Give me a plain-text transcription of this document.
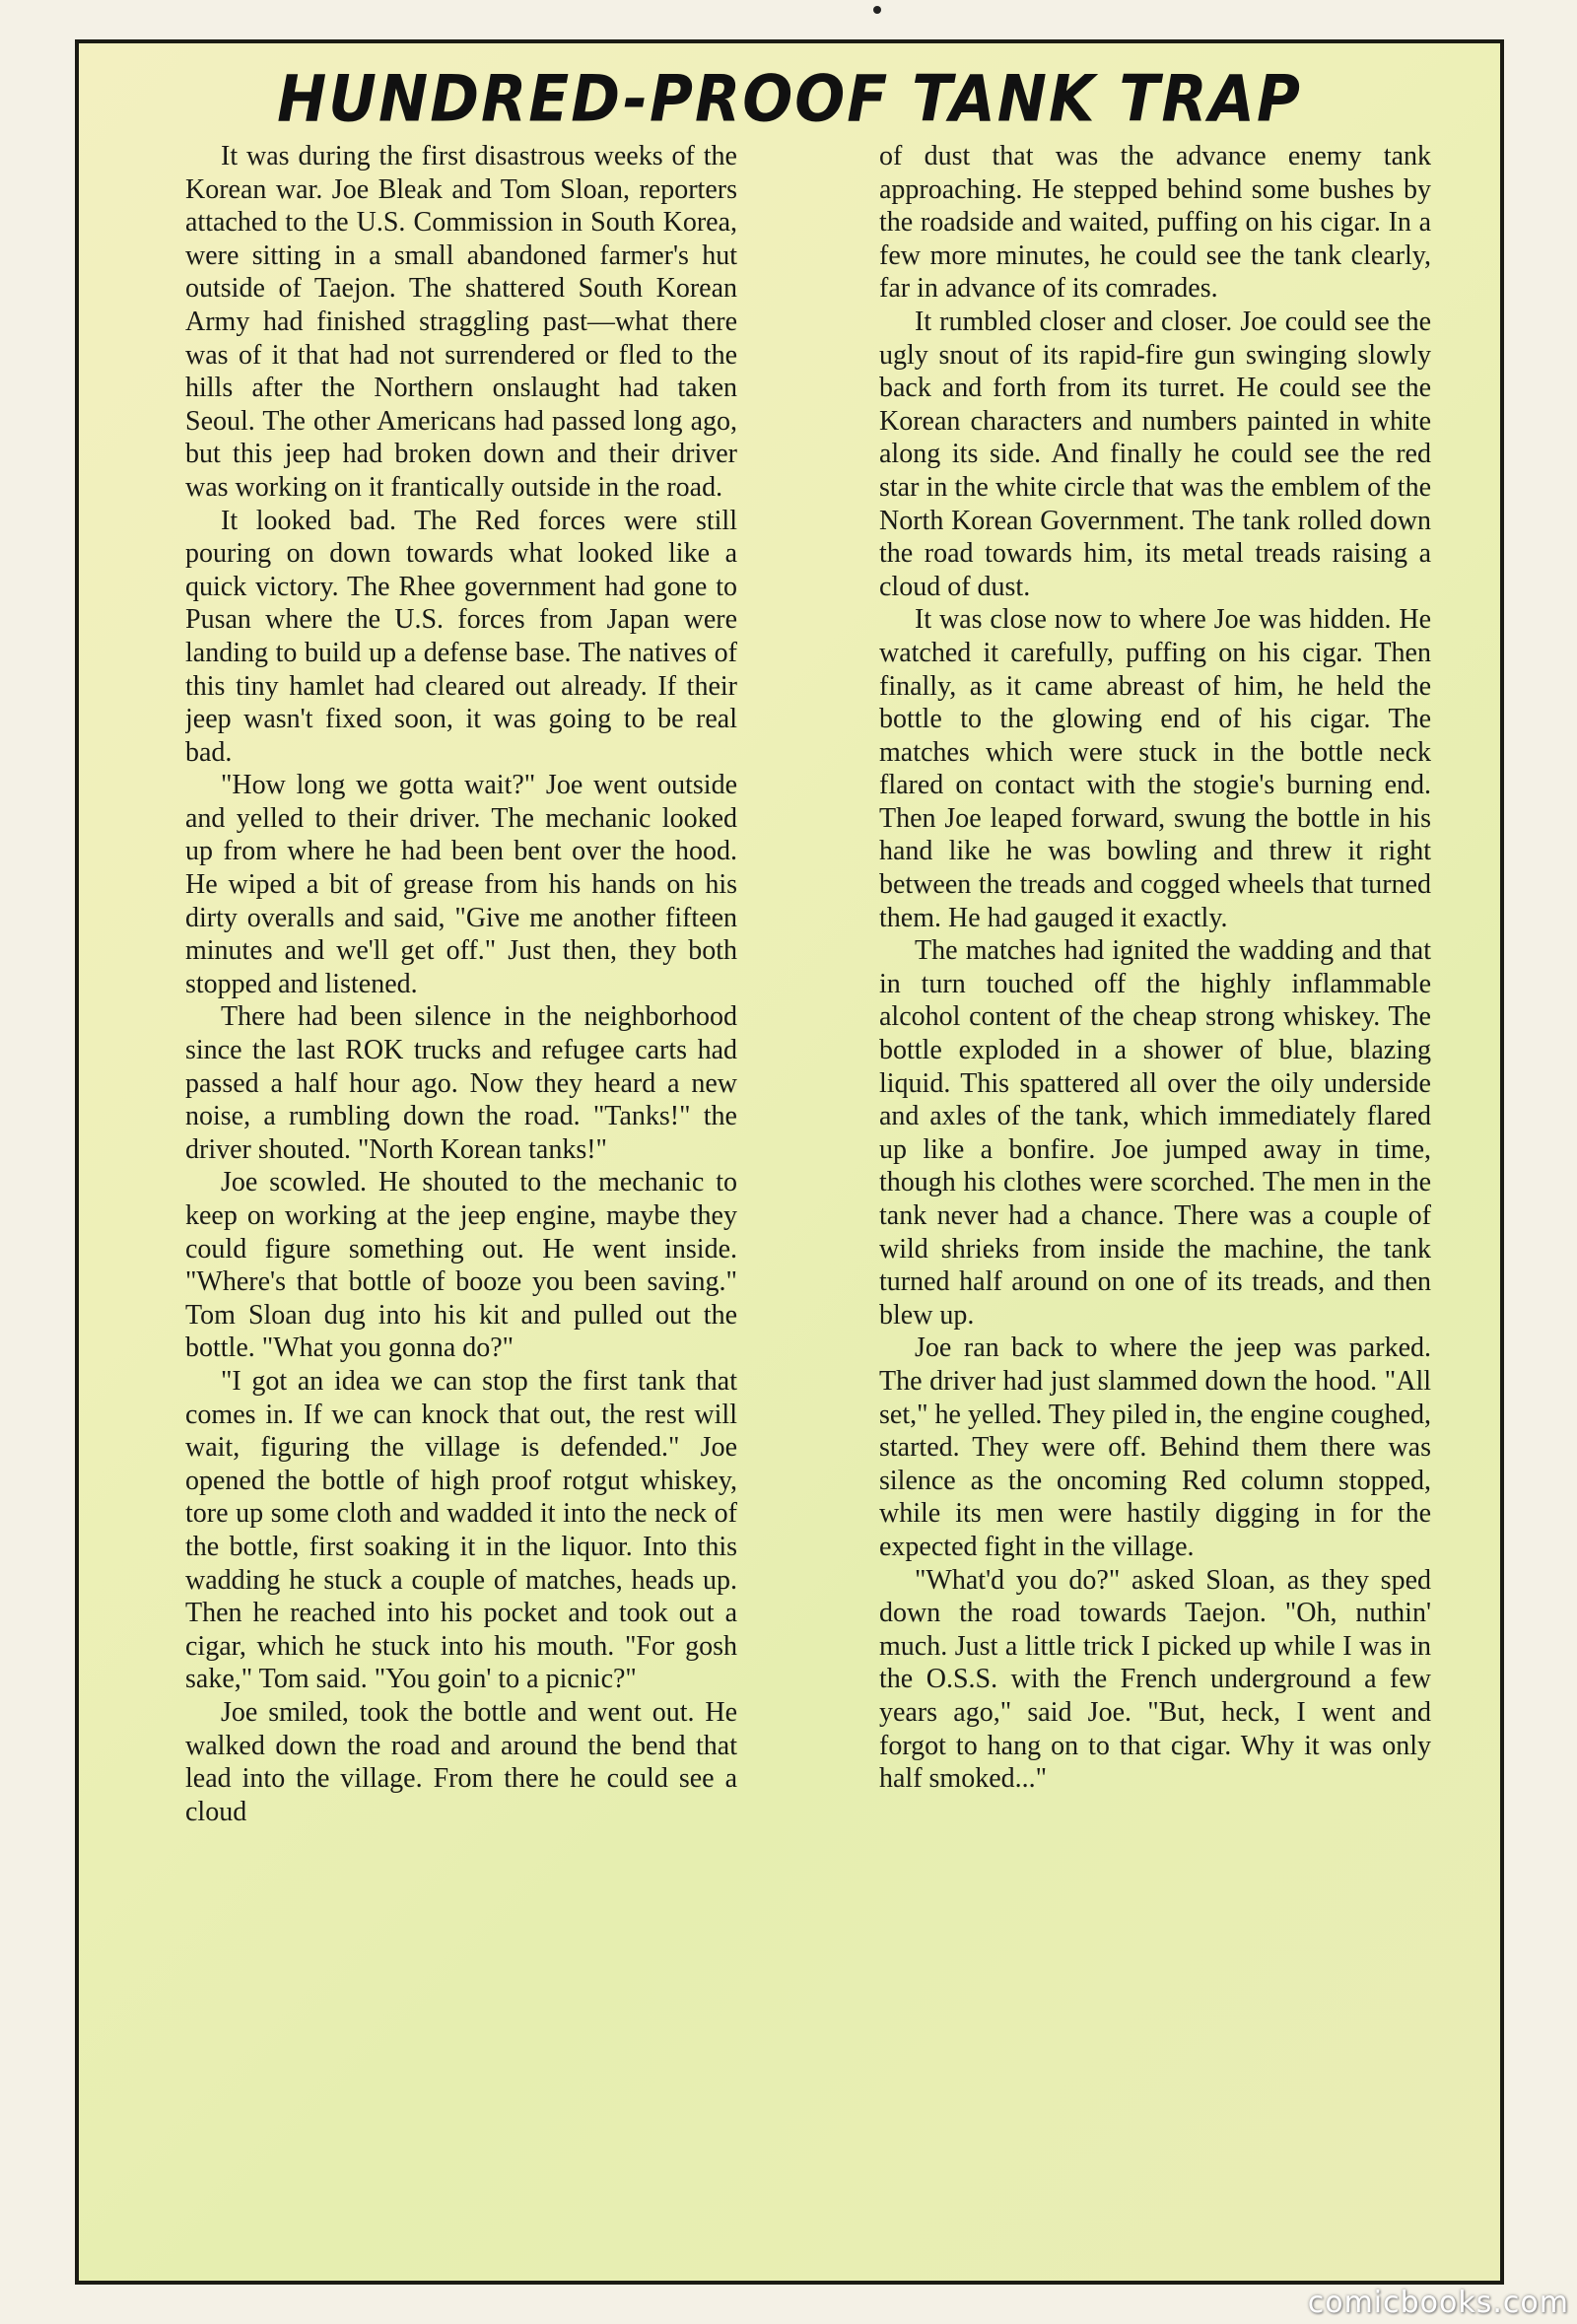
HUNDRED-PROOF TANK TRAP

It was during the first disastrous weeks of the Korean war. Joe Bleak and Tom Sloan, reporters attached to the U.S. Commission in South Korea, were sitting in a small abandoned farmer's hut outside of Taejon. The shattered South Korean Army had finished straggling past—what there was of it that had not surrendered or fled to the hills after the Northern onslaught had taken Seoul. The other Americans had passed long ago, but this jeep had broken down and their driver was working on it frantically outside in the road.

It looked bad. The Red forces were still pouring on down towards what looked like a quick victory. The Rhee government had gone to Pusan where the U.S. forces from Japan were landing to build up a defense base. The natives of this tiny hamlet had cleared out already. If their jeep wasn't fixed soon, it was going to be real bad.

"How long we gotta wait?" Joe went outside and yelled to their driver. The mechanic looked up from where he had been bent over the hood. He wiped a bit of grease from his hands on his dirty overalls and said, "Give me another fifteen minutes and we'll get off." Just then, they both stopped and listened.

There had been silence in the neighborhood since the last ROK trucks and refugee carts had passed a half hour ago. Now they heard a new noise, a rumbling down the road. "Tanks!" the driver shouted. "North Korean tanks!"

Joe scowled. He shouted to the mechanic to keep on working at the jeep engine, maybe they could figure something out. He went inside. "Where's that bottle of booze you been saving." Tom Sloan dug into his kit and pulled out the bottle. "What you gonna do?"

"I got an idea we can stop the first tank that comes in. If we can knock that out, the rest will wait, figuring the village is defended." Joe opened the bottle of high proof rotgut whiskey, tore up some cloth and wadded it into the neck of the bottle, first soaking it in the liquor. Into this wadding he stuck a couple of matches, heads up. Then he reached into his pocket and took out a cigar, which he stuck into his mouth. "For gosh sake," Tom said. "You goin' to a picnic?"

Joe smiled, took the bottle and went out. He walked down the road and around the bend that lead into the village. From there he could see a cloud

of dust that was the advance enemy tank approaching. He stepped behind some bushes by the roadside and waited, puffing on his cigar. In a few more minutes, he could see the tank clearly, far in advance of its comrades.

It rumbled closer and closer. Joe could see the ugly snout of its rapid-fire gun swinging slowly back and forth from its turret. He could see the Korean characters and numbers painted in white along its side. And finally he could see the red star in the white circle that was the emblem of the North Korean Government. The tank rolled down the road towards him, its metal treads raising a cloud of dust.

It was close now to where Joe was hidden. He watched it carefully, puffing on his cigar. Then finally, as it came abreast of him, he held the bottle to the glowing end of his cigar. The matches which were stuck in the bottle neck flared on contact with the stogie's burning end. Then Joe leaped forward, swung the bottle in his hand like he was bowling and threw it right between the treads and cogged wheels that turned them. He had gauged it exactly.

The matches had ignited the wadding and that in turn touched off the highly inflammable alcohol content of the cheap strong whiskey. The bottle exploded in a shower of blue, blazing liquid. This spattered all over the oily underside and axles of the tank, which immediately flared up like a bonfire. Joe jumped away in time, though his clothes were scorched. The men in the tank never had a chance. There was a couple of wild shrieks from inside the machine, the tank turned half around on one of its treads, and then blew up.

Joe ran back to where the jeep was parked. The driver had just slammed down the hood. "All set," he yelled. They piled in, the engine coughed, started. They were off. Behind them there was silence as the oncoming Red column stopped, while its men were hastily digging in for the expected fight in the village.

"What'd you do?" asked Sloan, as they sped down the road towards Taejon. "Oh, nuthin' much. Just a little trick I picked up while I was in the O.S.S. with the French underground a few years ago," said Joe. "But, heck, I went and forgot to hang on to that cigar. Why it was only half smoked..."

comicbooks.com
